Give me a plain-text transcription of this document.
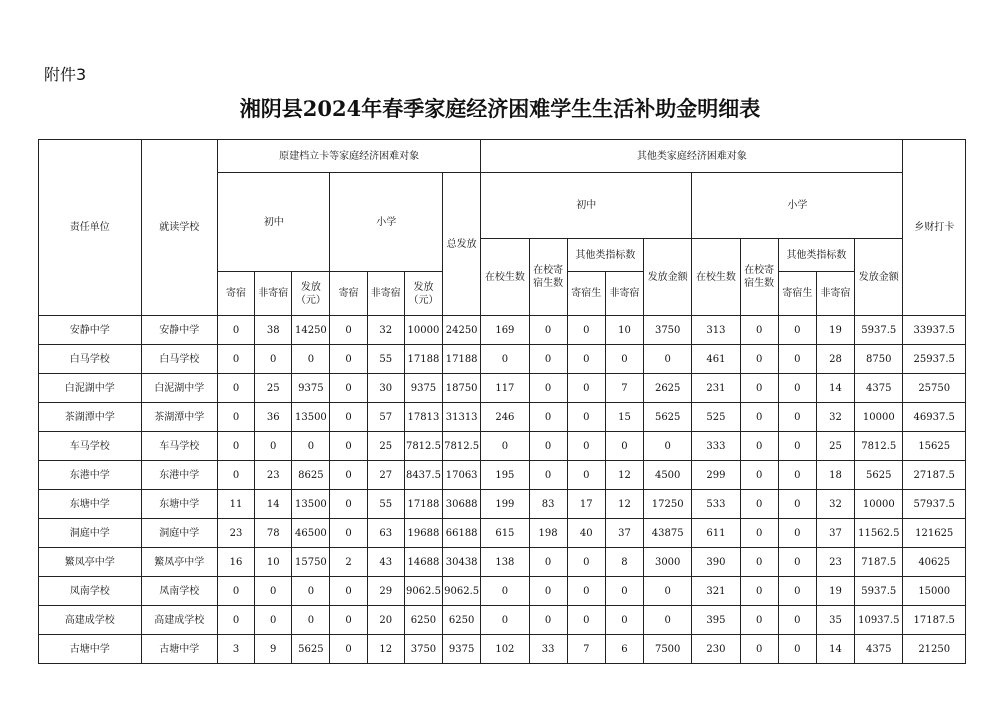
附件3
湘阴县2024年春季家庭经济困难学生生活补助金明细表
责任单位	就读学校	原建档立卡等家庭经济困难对象							其他类家庭经济困难对象										乡财打卡
		初中			小学			总发放	初中					小学					
									在校生数	在校寄宿生数	其他类指标数		发放金额	在校生数	在校寄宿生数	其他类指标数		发放金额	
		寄宿	非寄宿	发放（元）	寄宿	非寄宿	发放（元）				寄宿生	非寄宿				寄宿生	非寄宿		
安静中学	安静中学	0	38	14250	0	32	10000	24250	169	0	0	10	3750	313	0	0	19	5937.5	33937.5
白马学校	白马学校	0	0	0	0	55	17188	17188	0	0	0	0	0	461	0	0	28	8750	25937.5
白泥湖中学	白泥湖中学	0	25	9375	0	30	9375	18750	117	0	0	7	2625	231	0	0	14	4375	25750
茶湖潭中学	茶湖潭中学	0	36	13500	0	57	17813	31313	246	0	0	15	5625	525	0	0	32	10000	46937.5
车马学校	车马学校	0	0	0	0	25	7812.5	7812.5	0	0	0	0	0	333	0	0	25	7812.5	15625
东港中学	东港中学	0	23	8625	0	27	8437.5	17063	195	0	0	12	4500	299	0	0	18	5625	27187.5
东塘中学	东塘中学	11	14	13500	0	55	17188	30688	199	83	17	12	17250	533	0	0	32	10000	57937.5
洞庭中学	洞庭中学	23	78	46500	0	63	19688	66188	615	198	40	37	43875	611	0	0	37	11562.5	121625
鰵凤亭中学	鰵凤亭中学	16	10	15750	2	43	14688	30438	138	0	0	8	3000	390	0	0	23	7187.5	40625
凤南学校	凤南学校	0	0	0	0	29	9062.5	9062.5	0	0	0	0	0	321	0	0	19	5937.5	15000
高建成学校	高建成学校	0	0	0	0	20	6250	6250	0	0	0	0	0	395	0	0	35	10937.5	17187.5
古塘中学	古塘中学	3	9	5625	0	12	3750	9375	102	33	7	6	7500	230	0	0	14	4375	21250
